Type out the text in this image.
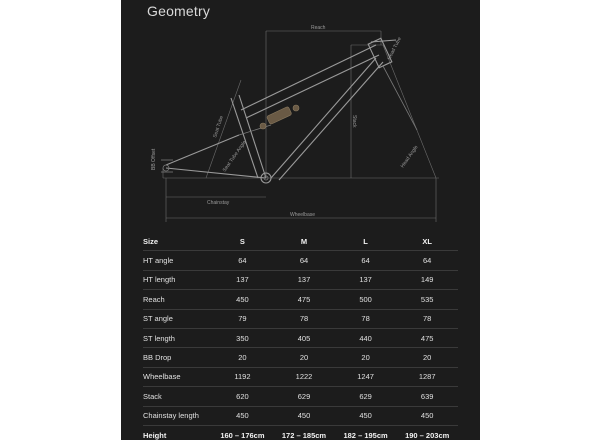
Geometry
Reach
Stack
Seat Tube
Head Tube
BB Offset
Chainstay
Wheelbase
Seat Tube Angle	Head Angle
Size	S	M	L	XL
HT angle	64	64	64	64
HT length	137	137	137	149
Reach	450	475	500	535
ST angle	79	78	78	78
ST length	350	405	440	475
BB Drop	20	20	20	20
Wheelbase	1192	1222	1247	1287
Stack	620	629	629	639
Chainstay length	450	450	450	450
Height	160 – 176cm	172 – 185cm	182 – 195cm	190 – 203cm
